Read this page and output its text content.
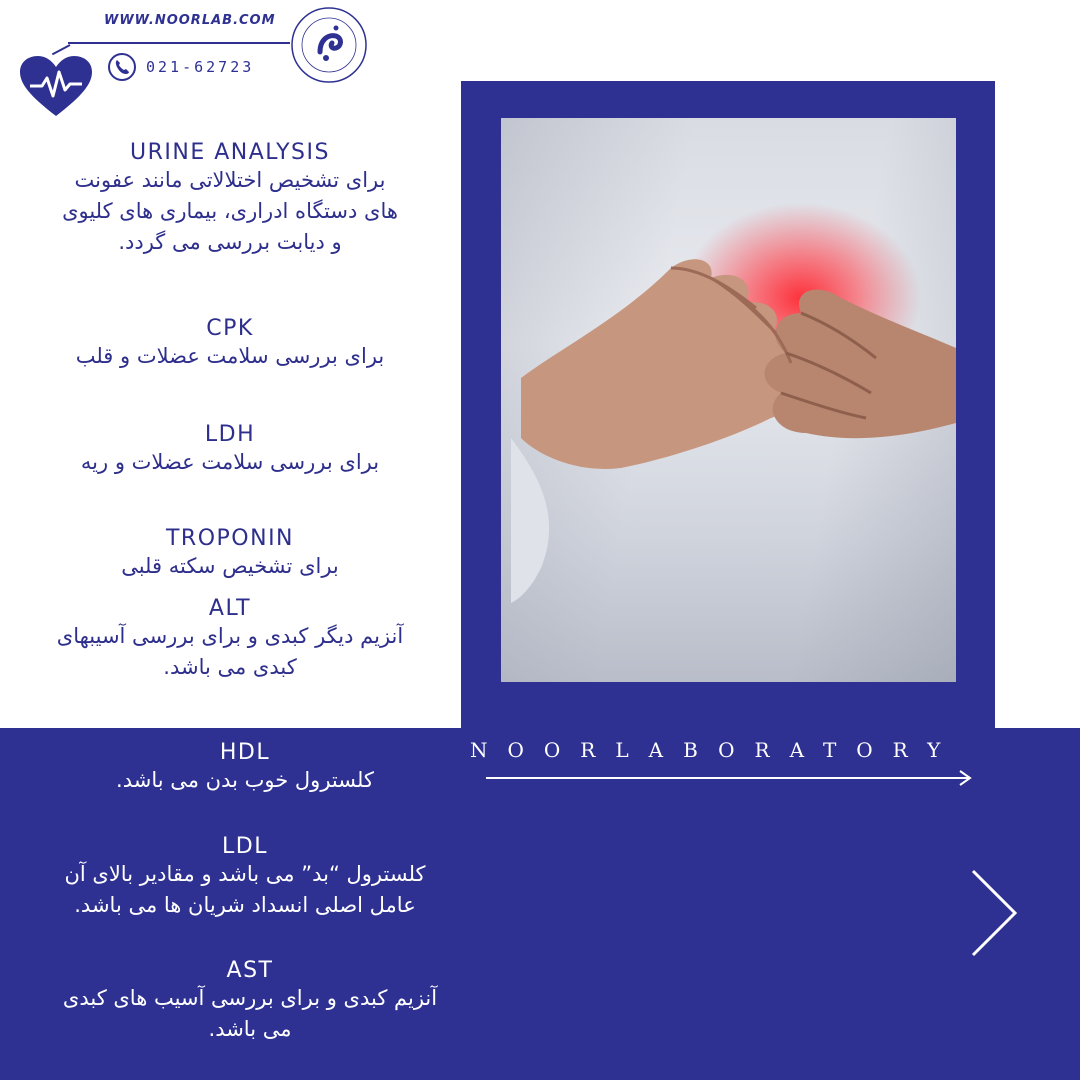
WWW.NOORLAB.COM
021-62723
URINE ANALYSIS
برای تشخیص اختلالاتی مانند عفونت
های دستگاه ادراری، بیماری های کلیوی
و دیابت بررسی می گردد.
CPK
برای بررسی سلامت عضلات و قلب
LDH
برای بررسی سلامت عضلات و ریه
TROPONIN
برای تشخیص سکته قلبی
ALT
آنزیم دیگر کبدی و برای بررسی آسیبهای
کبدی می باشد.
HDL
کلسترول خوب بدن می باشد.
LDL
کلسترول “بد” می باشد و مقادیر بالای آن
عامل اصلی انسداد شریان ها می باشد.
AST
آنزیم کبدی و برای بررسی آسیب های کبدی
می باشد.
NOORLABORATORY
